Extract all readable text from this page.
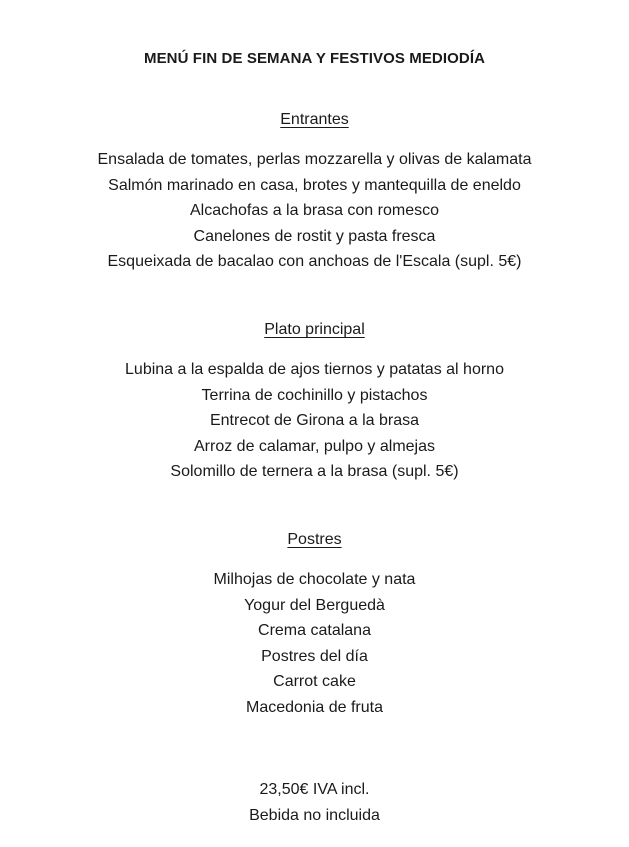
MENÚ FIN DE SEMANA Y FESTIVOS MEDIODÍA
Entrantes
Ensalada de tomates, perlas mozzarella y olivas de kalamata
Salmón marinado en casa, brotes y mantequilla de eneldo
Alcachofas a la brasa con romesco
Canelones de rostit y pasta fresca
Esqueixada de bacalao con anchoas de l'Escala (supl. 5€)
Plato principal
Lubina a la espalda de ajos tiernos y patatas al horno
Terrina de cochinillo y pistachos
Entrecot de Girona a la brasa
Arroz de calamar, pulpo y almejas
Solomillo de ternera a la brasa (supl. 5€)
Postres
Milhojas de chocolate y nata
Yogur del Berguedà
Crema catalana
Postres del día
Carrot cake
Macedonia de fruta
23,50€ IVA incl.
Bebida no incluida
